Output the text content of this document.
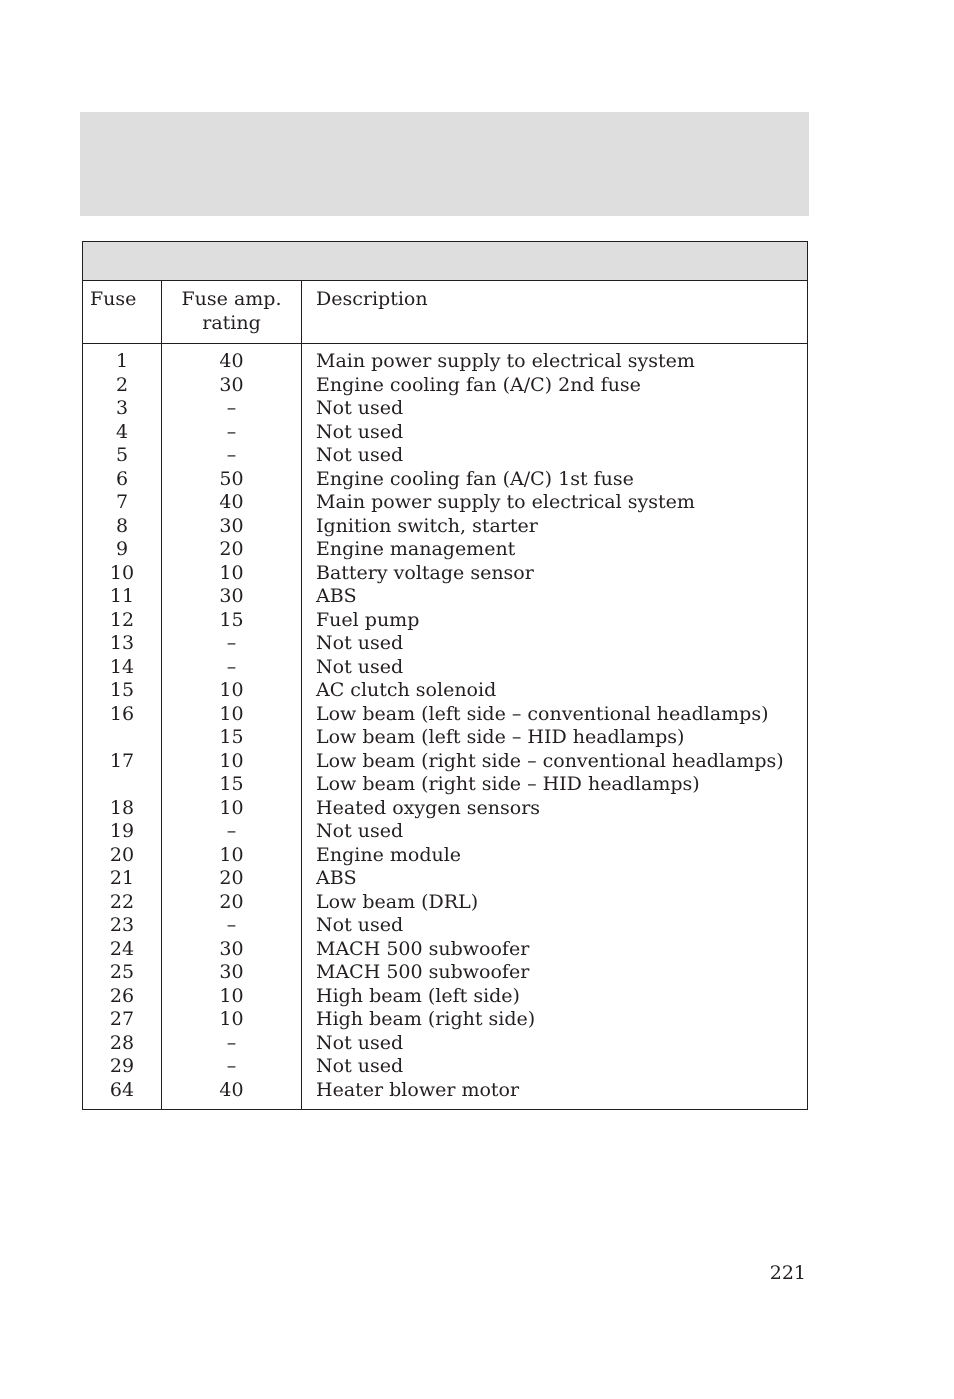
Fuse	Fuse amp.
rating
Description
1
2
3
4
5
6
7
8
9
10
11
12
13
14
15
16
17
18
19
20
21
22
23
24
25
26
27
28
29
64
40
30
–
–
–
50
40
30
20
10
30
15
–
–
10
10
15
10
15
10
–
10
20
20
–
30
30
10
10
–
–
40
Main power supply to electrical system
Engine cooling fan (A/C) 2nd fuse
Not used
Not used
Not used
Engine cooling fan (A/C) 1st fuse
Main power supply to electrical system
Ignition switch, starter
Engine management
Battery voltage sensor
ABS
Fuel pump
Not used
Not used
AC clutch solenoid
Low beam (left side – conventional headlamps)
Low beam (left side – HID headlamps)
Low beam (right side – conventional headlamps)
Low beam (right side – HID headlamps)
Heated oxygen sensors
Not used
Engine module
ABS
Low beam (DRL)
Not used
MACH 500 subwoofer
MACH 500 subwoofer
High beam (left side)
High beam (right side)
Not used
Not used
Heater blower motor
221
